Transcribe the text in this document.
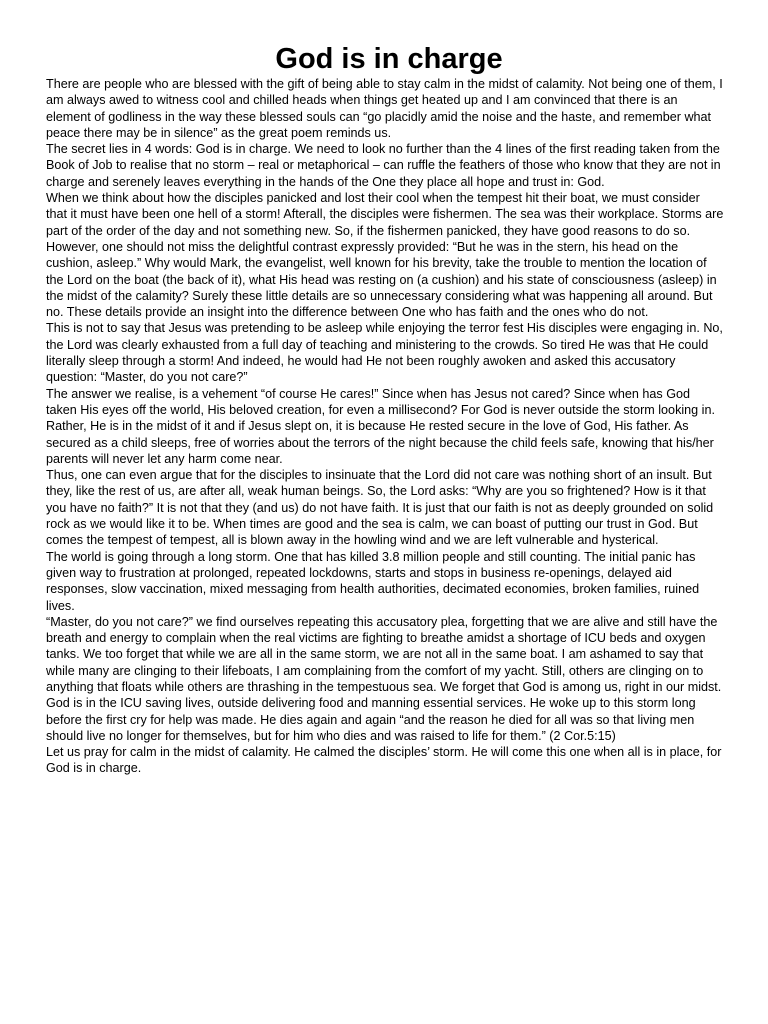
God is in charge

There are people who are blessed with the gift of being able to stay calm in the midst of calamity. Not being one of them, I am always awed to witness cool and chilled heads when things get heated up and I am convinced that there is an element of godliness in the way these blessed souls can “go placidly amid the noise and the haste, and remember what peace there may be in silence” as the great poem reminds us.

The secret lies in 4 words: God is in charge. We need to look no further than the 4 lines of the first reading taken from the Book of Job to realise that no storm – real or metaphorical – can ruffle the feathers of those who know that they are not in charge and serenely leaves everything in the hands of the One they place all hope and trust in: God.

When we think about how the disciples panicked and lost their cool when the tempest hit their boat, we must consider that it must have been one hell of a storm! Afterall, the disciples were fishermen. The sea was their workplace. Storms are part of the order of the day and not something new. So, if the fishermen panicked, they have good reasons to do so. However, one should not miss the delightful contrast expressly provided: “But he was in the stern, his head on the cushion, asleep.” Why would Mark, the evangelist, well known for his brevity, take the trouble to mention the location of the Lord on the boat (the back of it), what His head was resting on (a cushion) and his state of consciousness (asleep) in the midst of the calamity? Surely these little details are so unnecessary considering what was happening all around. But no. These details provide an insight into the difference between One who has faith and the ones who do not.

This is not to say that Jesus was pretending to be asleep while enjoying the terror fest His disciples were engaging in. No, the Lord was clearly exhausted from a full day of teaching and ministering to the crowds. So tired He was that He could literally sleep through a storm! And indeed, he would had He not been roughly awoken and asked this accusatory question: “Master, do you not care?”

The answer we realise, is a vehement “of course He cares!” Since when has Jesus not cared? Since when has God taken His eyes off the world, His beloved creation, for even a millisecond? For God is never outside the storm looking in. Rather, He is in the midst of it and if Jesus slept on, it is because He rested secure in the love of God, His father. As secured as a child sleeps, free of worries about the terrors of the night because the child feels safe, knowing that his/her parents will never let any harm come near.

Thus, one can even argue that for the disciples to insinuate that the Lord did not care was nothing short of an insult. But they, like the rest of us, are after all, weak human beings. So, the Lord asks: “Why are you so frightened? How is it that you have no faith?” It is not that they (and us) do not have faith. It is just that our faith is not as deeply grounded on solid rock as we would like it to be. When times are good and the sea is calm, we can boast of putting our trust in God. But comes the tempest of tempest, all is blown away in the howling wind and we are left vulnerable and hysterical.

The world is going through a long storm. One that has killed 3.8 million people and still counting. The initial panic has given way to frustration at prolonged, repeated lockdowns, starts and stops in business re-openings, delayed aid responses, slow vaccination, mixed messaging from health authorities, decimated economies, broken families, ruined lives.

“Master, do you not care?” we find ourselves repeating this accusatory plea, forgetting that we are alive and still have the breath and energy to complain when the real victims are fighting to breathe amidst a shortage of ICU beds and oxygen tanks. We too forget that while we are all in the same storm, we are not all in the same boat. I am ashamed to say that while many are clinging to their lifeboats, I am complaining from the comfort of my yacht. Still, others are clinging on to anything that floats while others are thrashing in the tempestuous sea. We forget that God is among us, right in our midst. God is in the ICU saving lives, outside delivering food and manning essential services. He woke up to this storm long before the first cry for help was made. He dies again and again “and the reason he died for all was so that living men should live no longer for themselves, but for him who dies and was raised to life for them.” (2 Cor.5:15)

Let us pray for calm in the midst of calamity. He calmed the disciples’ storm. He will come this one when all is in place, for God is in charge.
